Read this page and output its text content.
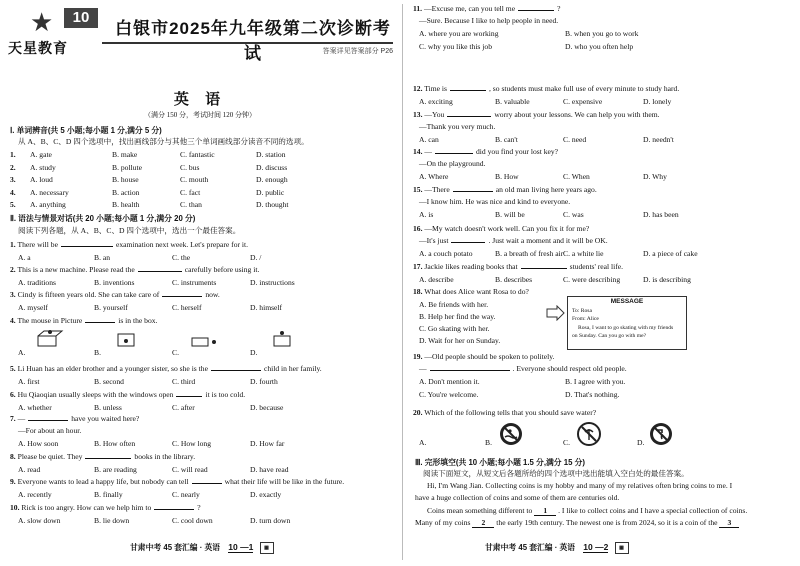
★
天星教育
10
白银市2025年九年级第二次诊断考试	答案详见答案部分 P26
英 语
（满分 150 分，考试时间 120 分钟）
Ⅰ. 单词辨音(共 5 小题;每小题 1 分,满分 5 分)
从 A、B、C、D 四个选项中，找出画线部分与其他三个单词画线部分读音不同的选项。
1. A. gate	B. make	C. fantastic	D. station
2. A. study	B. pollute	C. bus	D. discuss
3. A. loud	B. house	C. mouth	D. enough
4. A. necessary	B. action	C. fact	D. public
5. A. anything	B. health	C. than	D. thought
Ⅱ. 语法与情景对话(共 20 小题;每小题 1 分,满分 20 分)
阅读下列各题，从 A、B、C、D 四个选项中，选出一个最佳答案。
1. There will be	examination next week. Let's prepare for it.
A. a	B. an	C. the	D. /
2. This is a new machine. Please read the	carefully before using it.
A. traditions	B. inventions	C. instruments	D. instructions
3. Cindy is fifteen years old. She can take care of	now.
A. myself	B. yourself	C. herself	D. himself
4. The mouse in Picture	is in the box.
A.	B.	C.	D.
5. Li Huan has an elder brother and a younger sister, so she is the	child in her family.
A. first	B. second	C. third	D. fourth
6. Hu Qiaoqian usually sleeps with the windows open	it is too cold.
A. whether	B. unless	C. after	D. because
7. —	have you waited here?
—For about an hour.
A. How soon	B. How often	C. How long	D. How far
8. Please be quiet. They	books in the library.
A. read	B. are reading	C. will read	D. have read
9. Everyone wants to lead a happy life, but nobody can tell	what their life will be like in the future.
A. recently	B. finally	C. nearly	D. exactly
10. Rick is too angry. How can we help him to	?
A. slow down	B. lie down	C. cool down	D. turn down
甘肃中考 45 套汇编 · 英语 10 —1 ▦
11. —Excuse me, can you tell me	?
—Sure. Because I like to help people in need.
A. where you are working	B. when you go to work
C. why you like this job	D. who you often help
12. Time is	, so students must make full use of every minute to study hard.
A. exciting	B. valuable	C. expensive	D. lonely
13. —You	worry about your lessons. We can help you with them.
—Thank you very much.
A. can	B. can't	C. need	D. needn't
14. —	did you find your lost key?
—On the playground.
A. Where	B. How	C. When	D. Why
15. —There	an old man living here years ago.
—I know him. He was nice and kind to everyone.
A. is	B. will be	C. was	D. has been
16. —My watch doesn't work well. Can you fix it for me?
—It's just	. Just wait a moment and it will be OK.
A. a couch potato	B. a breath of fresh air C. a white lie	D. a piece of cake
17. Jackie likes reading books that	students' real life.
A. describe	B. describes	C. were describing	D. is describing
18. What does Alice want Rosa to do?
A. Be friends with her.
B. Help her find the way.
C. Go skating with her.
D. Wait for her on Sunday.
19. —Old people should be spoken to politely.
—	. Everyone should respect old people.
A. Don't mention it.	B. I agree with you.
C. You're welcome.	D. That's nothing.
20. Which of the following tells that you should save water?
A.	B.	C.	D.
MESSAGE
To: Rosa
From: Alice
Rosa, I want to go skating with my friends
on Sunday. Can you go with me?
Ⅲ. 完形填空(共 10 小题;每小题 1.5 分,满分 15 分)
阅读下面短文，从短文后各题所给的四个选项中选出能填入空白处的最佳答案。
Hi, I'm Wang Jian. Collecting coins is my hobby and many of my relatives often bring coins to me. I
have a huge collection of coins and some of them are centuries old.
Coins mean something different to 1 . I like to collect coins and I have a special collection of coins.
Many of my coins 2 the early 19th century. The newest one is from 2024, so it is a coin of the 3
甘肃中考 45 套汇编 · 英语 10 —2 ▦
